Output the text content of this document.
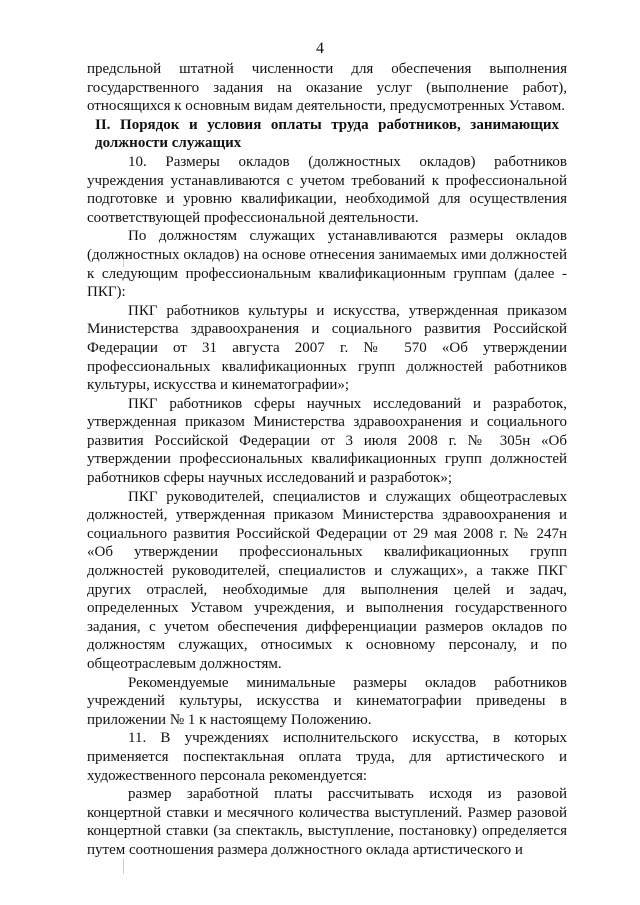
4

предсльной штатной численности для обеспечения выполнения государственного задания на оказание услуг (выполнение работ), относящихся к основным видам деятельности, предусмотренных Уставом.

II. Порядок и условия оплаты труда работников, занимающих должности служащих

10. Размеры окладов (должностных окладов) работников учреждения устанавливаются с учетом требований к профессиональной подготовке и уровню квалификации, необходимой для осуществления соответствующей профессиональной деятельности.

По должностям служащих устанавливаются размеры окладов (должностных окладов) на основе отнесения занимаемых ими должностей к следующим профессиональным квалификационным группам (далее - ПКГ):

ПКГ работников культуры и искусства, утвержденная приказом Министерства здравоохранения и социального развития Российской Федерации от 31 августа 2007 г. № 570 «Об утверждении профессиональных квалификационных групп должностей работников культуры, искусства и кинематографии»;

ПКГ работников сферы научных исследований и разработок, утвержденная приказом Министерства здравоохранения и социального развития Российской Федерации от 3 июля 2008 г. № 305н «Об утверждении профессиональных квалификационных групп должностей работников сферы научных исследований и разработок»;

ПКГ руководителей, специалистов и служащих общеотраслевых должностей, утвержденная приказом Министерства здравоохранения и социального развития Российской Федерации от 29 мая 2008 г. № 247н «Об утверждении профессиональных квалификационных групп должностей руководителей, специалистов и служащих», а также ПКГ других отраслей, необходимые для выполнения целей и задач, определенных Уставом учреждения, и выполнения государственного задания, с учетом обеспечения дифференциации размеров окладов по должностям служащих, относимых к основному персоналу, и по общеотраслевым должностям.

Рекомендуемые минимальные размеры окладов работников учреждений культуры, искусства и кинематографии приведены в приложении № 1 к настоящему Положению.

11. В учреждениях исполнительского искусства, в которых применяется поспектакльная оплата труда, для артистического и художественного персонала рекомендуется:

размер заработной платы рассчитывать исходя из разовой концертной ставки и месячного количества выступлений. Размер разовой концертной ставки (за спектакль, выступление, постановку) определяется путем соотношения размера должностного оклада артистического и
